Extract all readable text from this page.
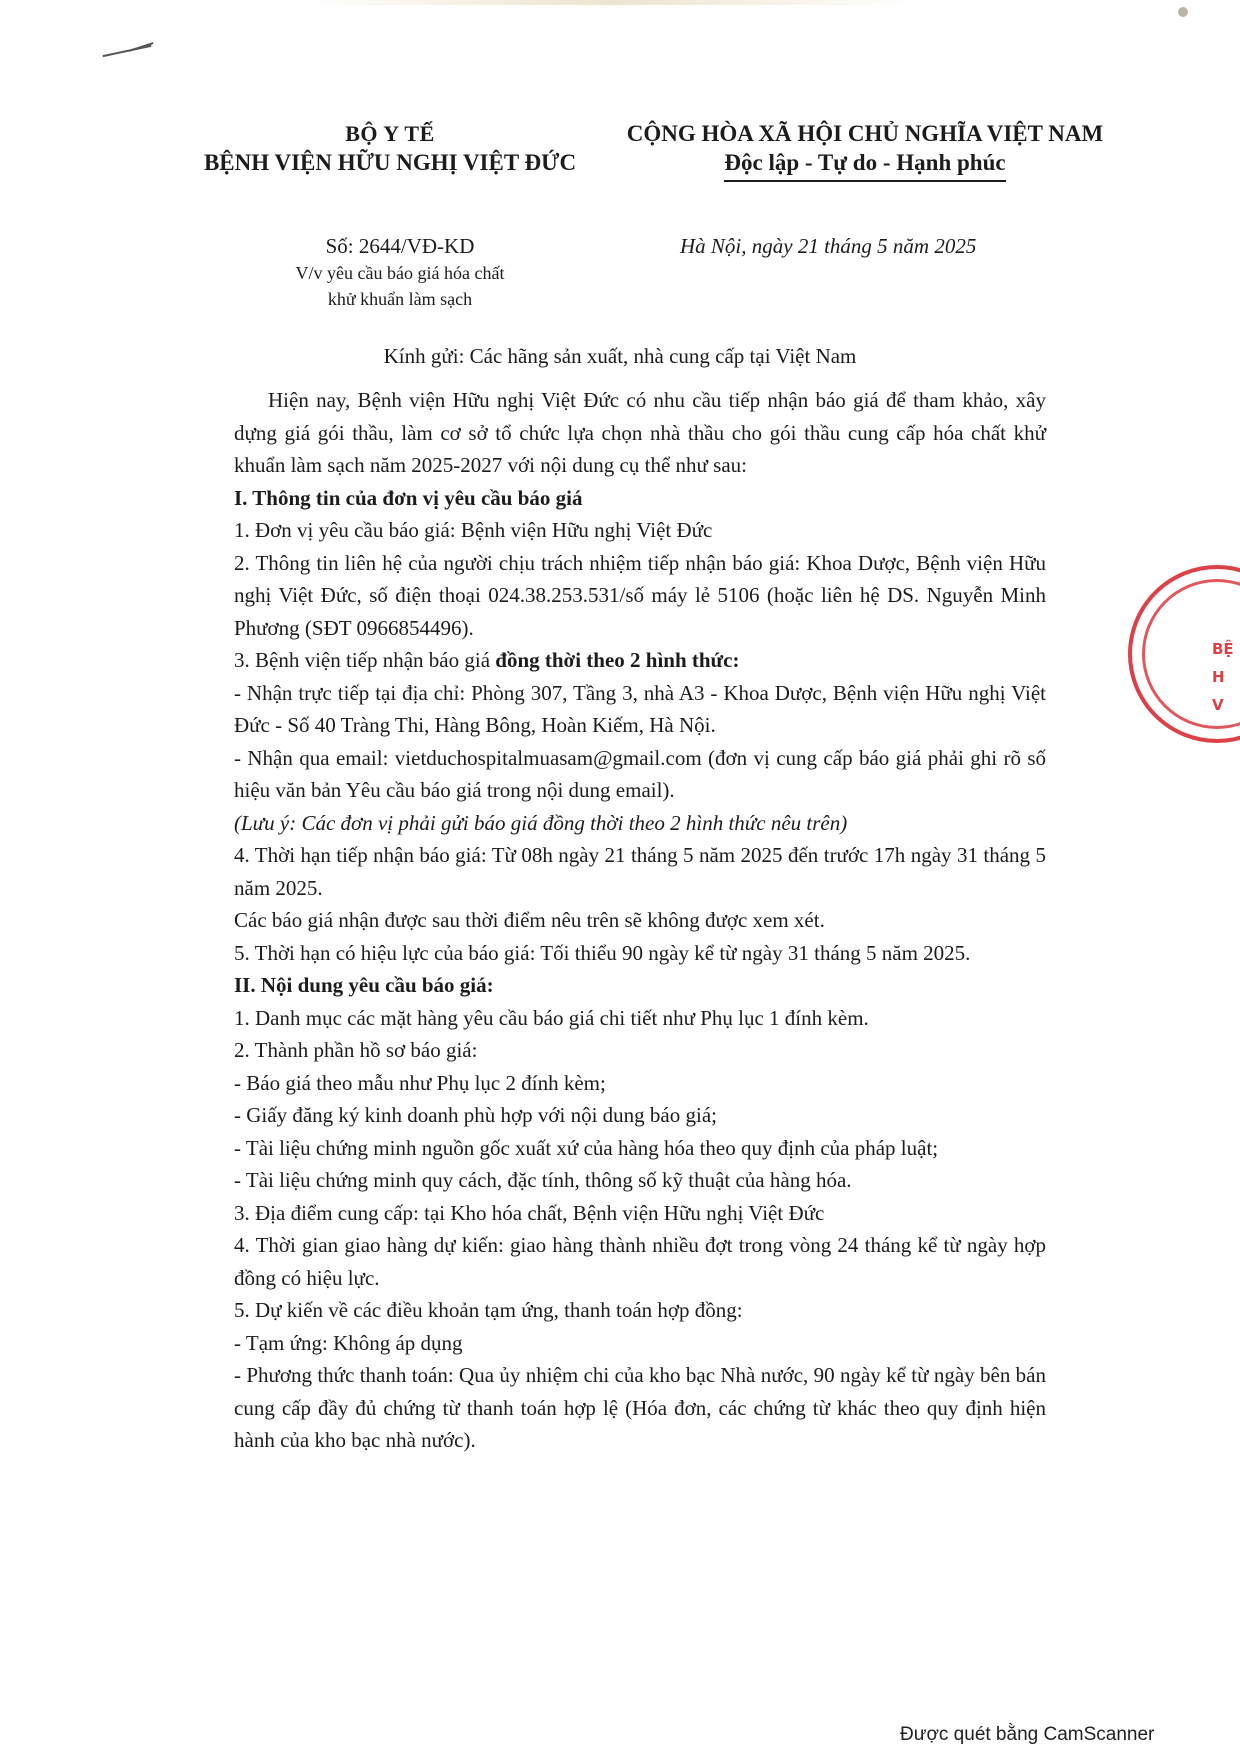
BỘ Y TẾ
BỆNH VIỆN HỮU NGHỊ VIỆT ĐỨC
CỘNG HÒA XÃ HỘI CHỦ NGHĨA VIỆT NAM
Độc lập - Tự do - Hạnh phúc
Số: 2644/VĐ-KD
V/v yêu cầu báo giá hóa chất
khử khuẩn làm sạch
Hà Nội, ngày 21 tháng 5 năm 2025
Kính gửi: Các hãng sản xuất, nhà cung cấp tại Việt Nam

Hiện nay, Bệnh viện Hữu nghị Việt Đức có nhu cầu tiếp nhận báo giá để tham khảo, xây dựng giá gói thầu, làm cơ sở tổ chức lựa chọn nhà thầu cho gói thầu cung cấp hóa chất khử khuẩn làm sạch năm 2025-2027 với nội dung cụ thể như sau:

I. Thông tin của đơn vị yêu cầu báo giá

1. Đơn vị yêu cầu báo giá: Bệnh viện Hữu nghị Việt Đức

2. Thông tin liên hệ của người chịu trách nhiệm tiếp nhận báo giá: Khoa Dược, Bệnh viện Hữu nghị Việt Đức, số điện thoại 024.38.253.531/số máy lẻ 5106 (hoặc liên hệ DS. Nguyễn Minh Phương (SĐT 0966854496).

3. Bệnh viện tiếp nhận báo giá đồng thời theo 2 hình thức:

- Nhận trực tiếp tại địa chỉ: Phòng 307, Tầng 3, nhà A3 - Khoa Dược, Bệnh viện Hữu nghị Việt Đức - Số 40 Tràng Thi, Hàng Bông, Hoàn Kiếm, Hà Nội.

- Nhận qua email: vietduchospitalmuasam@gmail.com (đơn vị cung cấp báo giá phải ghi rõ số hiệu văn bản Yêu cầu báo giá trong nội dung email).

(Lưu ý: Các đơn vị phải gửi báo giá đồng thời theo 2 hình thức nêu trên)

4. Thời hạn tiếp nhận báo giá: Từ 08h ngày 21 tháng 5 năm 2025 đến trước 17h ngày 31 tháng 5 năm 2025.

Các báo giá nhận được sau thời điểm nêu trên sẽ không được xem xét.

5. Thời hạn có hiệu lực của báo giá: Tối thiểu 90 ngày kể từ ngày 31 tháng 5 năm 2025.

II. Nội dung yêu cầu báo giá:

1. Danh mục các mặt hàng yêu cầu báo giá chi tiết như Phụ lục 1 đính kèm.

2. Thành phần hồ sơ báo giá:

- Báo giá theo mẫu như Phụ lục 2 đính kèm;

- Giấy đăng ký kinh doanh phù hợp với nội dung báo giá;

- Tài liệu chứng minh nguồn gốc xuất xứ của hàng hóa theo quy định của pháp luật;

- Tài liệu chứng minh quy cách, đặc tính, thông số kỹ thuật của hàng hóa.

3. Địa điểm cung cấp: tại Kho hóa chất, Bệnh viện Hữu nghị Việt Đức

4. Thời gian giao hàng dự kiến: giao hàng thành nhiều đợt trong vòng 24 tháng kể từ ngày hợp đồng có hiệu lực.

5. Dự kiến về các điều khoản tạm ứng, thanh toán hợp đồng:

- Tạm ứng: Không áp dụng

- Phương thức thanh toán: Qua ủy nhiệm chi của kho bạc Nhà nước, 90 ngày kể từ ngày bên bán cung cấp đầy đủ chứng từ thanh toán hợp lệ (Hóa đơn, các chứng từ khác theo quy định hiện hành của kho bạc nhà nước).

BỆ
H
V
Được quét bằng CamScanner
